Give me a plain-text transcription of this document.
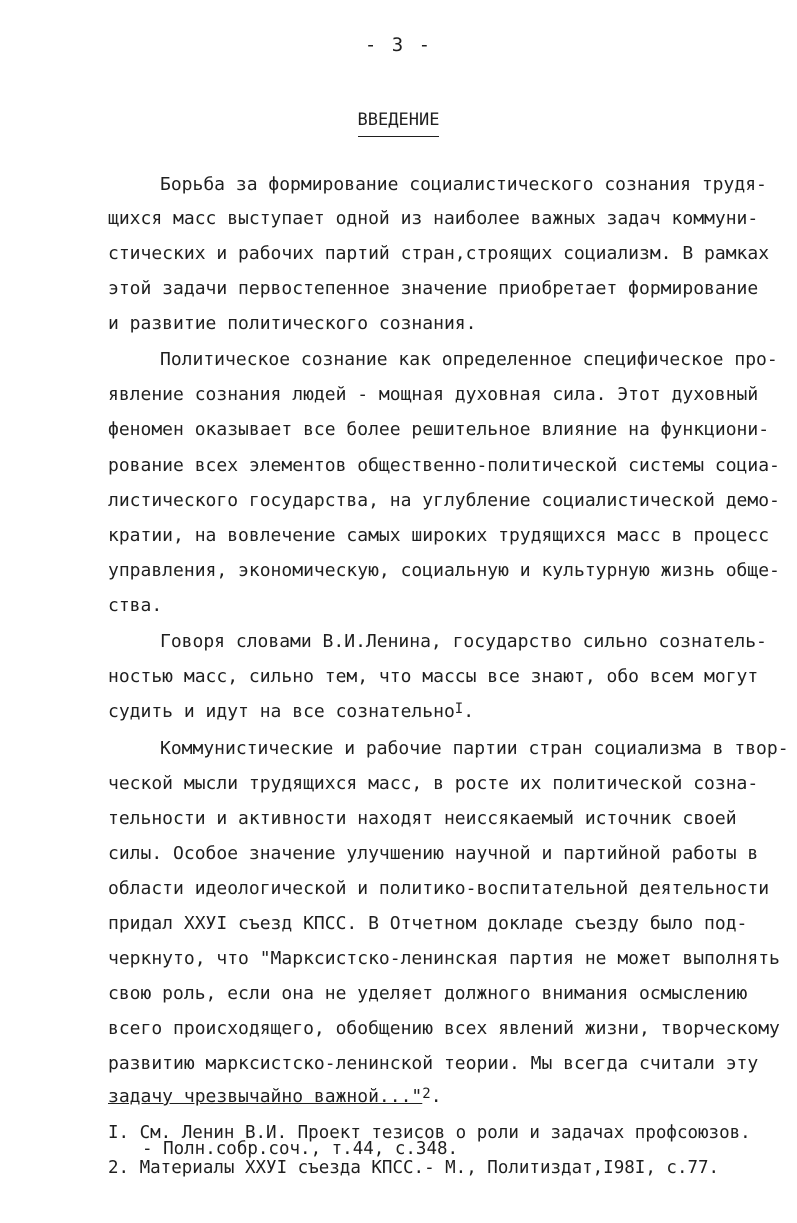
- 3 -
ВВЕДЕНИЕ
Борьба за формирование социалистического сознания трудя-
щихся масс выступает одной из наиболее важных задач коммуни-
стических и рабочих партий стран,строящих социализм. В рамках
этой задачи первостепенное значение приобретает формирование
и развитие политического сознания.
Политическое сознание как определенное специфическое про-
явление сознания людей - мощная духовная сила. Этот духовный
феномен оказывает все более решительное влияние на функциони-
рование всех элементов общественно-политической системы социа-
листического государства, на углубление социалистической демо-
кратии, на вовлечение самых широких трудящихся масс в процесс
управления, экономическую, социальную и культурную жизнь обще-
ства.
Говоря словами В.И.Ленина, государство сильно сознатель-
ностью масс, сильно тем, что массы все знают, обо всем могут
судить и идут на все сознательно$^I$.
Коммунистические и рабочие партии стран социализма в твор-
ческой мысли трудящихся масс, в росте их политической созна-
тельности и активности находят неиссякаемый источник своей
силы. Особое значение улучшению научной и партийной работы в
области идеологической и политико-воспитательной деятельности
придал XXУI съезд КПСС. В Отчетном докладе съезду было под-
черкнуто, что "Марксистско-ленинская партия не может выполнять
свою роль, если она не уделяет должного внимания осмыслению
всего происходящего, обобщению всех явлений жизни, творческому
развитию марксистско-ленинской теории. Мы всегда считали эту
задачу чрезвычайно важной..."$^2$.
I. См. Ленин В.И. Проект тезисов о роли и задачах профсоюзов.
- Полн.собр.соч., т.44, с.348.
2. Материалы XXУI съезда КПСС.- М., Политиздат,I98I, с.77.
